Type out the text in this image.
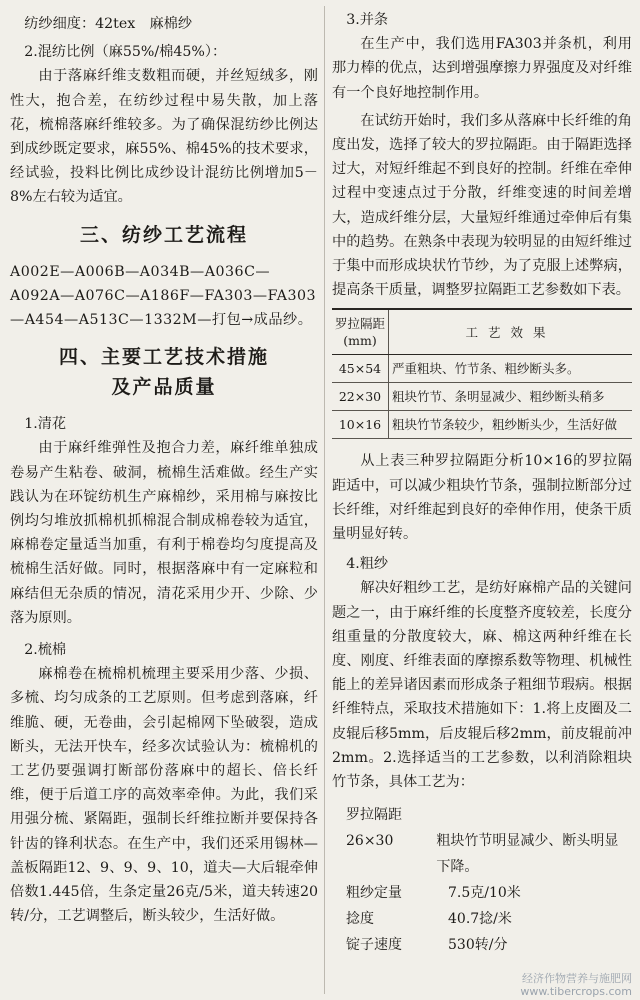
纺纱细度：42tex　麻棉纱

2.混纺比例（麻55%/棉45%）：

由于落麻纤维支数粗而硬，并丝短绒多，刚性大，抱合差，在纺纱过程中易失散，加上落花，梳棉落麻纤维较多。为了确保混纺纱比例达到成纱既定要求，麻55%、棉45%的技术要求，经试验，投料比例比成纱设计混纺比例增加5－8%左右较为适宜。

三、纺纱工艺流程

A002E—A006B—A034B—A036C—A092A—A076C—A186F—FA303—FA303—A454—A513C—1332M—打包→成品纱。

四、主要工艺技术措施
及产品质量

1.清花

由于麻纤维弹性及抱合力差，麻纤维单独成卷易产生粘卷、破洞，梳棉生活难做。经生产实践认为在环锭纺机生产麻棉纱，采用棉与麻按比例均匀堆放抓棉机抓棉混合制成棉卷较为适宜，麻棉卷定量适当加重，有利于棉卷均匀度提高及梳棉生活好做。同时，根据落麻中有一定麻粒和麻结但无杂质的情况，清花采用少开、少除、少落为原则。

2.梳棉

麻棉卷在梳棉机梳理主要采用少落、少损、多梳、均匀成条的工艺原则。但考虑到落麻，纤维脆、硬，无卷曲，会引起棉网下坠破裂，造成断头，无法开快车，经多次试验认为：梳棉机的工艺仍要强调打断部份落麻中的超长、倍长纤维，便于后道工序的高效率牵伸。为此，我们采用强分梳、紧隔距，强制长纤维拉断并要保持各针齿的锋利状态。在生产中，我们还采用锡林—盖板隔距12、9、9、9、10，道夫—大后辊牵伸倍数1.445倍，生条定量26克/5米，道夫转速20转/分，工艺调整后，断头较少，生活好做。

3.并条

在生产中，我们选用FA303并条机，利用那力棒的优点，达到增强摩擦力界强度及对纤维有一个良好地控制作用。

在试纺开始时，我们多从落麻中长纤维的角度出发，选择了较大的罗拉隔距。由于隔距选择过大，对短纤维起不到良好的控制。纤维在牵伸过程中变速点过于分散，纤维变速的时间差增大，造成纤维分层，大量短纤维通过牵伸后有集中的趋势。在熟条中表现为较明显的由短纤维过于集中而形成块状竹节纱，为了克服上述弊病，提高条干质量，调整罗拉隔距工艺参数如下表。

罗拉隔距(mm)	工艺效果
45×54	严重粗块、竹节条、粗纱断头多。
22×30	粗块竹节、条明显减少、粗纱断头稍多
10×16	粗块竹节条较少，粗纱断头少，生活好做

从上表三种罗拉隔距分析10×16的罗拉隔距适中，可以减少粗块竹节条，强制拉断部分过长纤维，对纤维起到良好的牵伸作用，使条干质量明显好转。

4.粗纱

解决好粗纱工艺，是纺好麻棉产品的关键问题之一，由于麻纤维的长度整齐度较差，长度分组重量的分散度较大，麻、棉这两种纤维在长度、刚度、纤维表面的摩擦系数等物理、机械性能上的差异诸因素而形成条子粗细节瑕病。根据纤维特点，采取技术措施如下：1.将上皮圈及二皮辊后移5mm，后皮辊后移2mm，前皮辊前冲2mm。2.选择适当的工艺参数，以利消除粗块竹节条，具体工艺为：

罗拉隔距
26×30	粗块竹节明显减少、断头明显下降。
粗纱定量	7.5克/10米
捻度	40.7捻/米
锭子速度	530转/分
经济作物营养与施肥网
www.tibercrops.com
